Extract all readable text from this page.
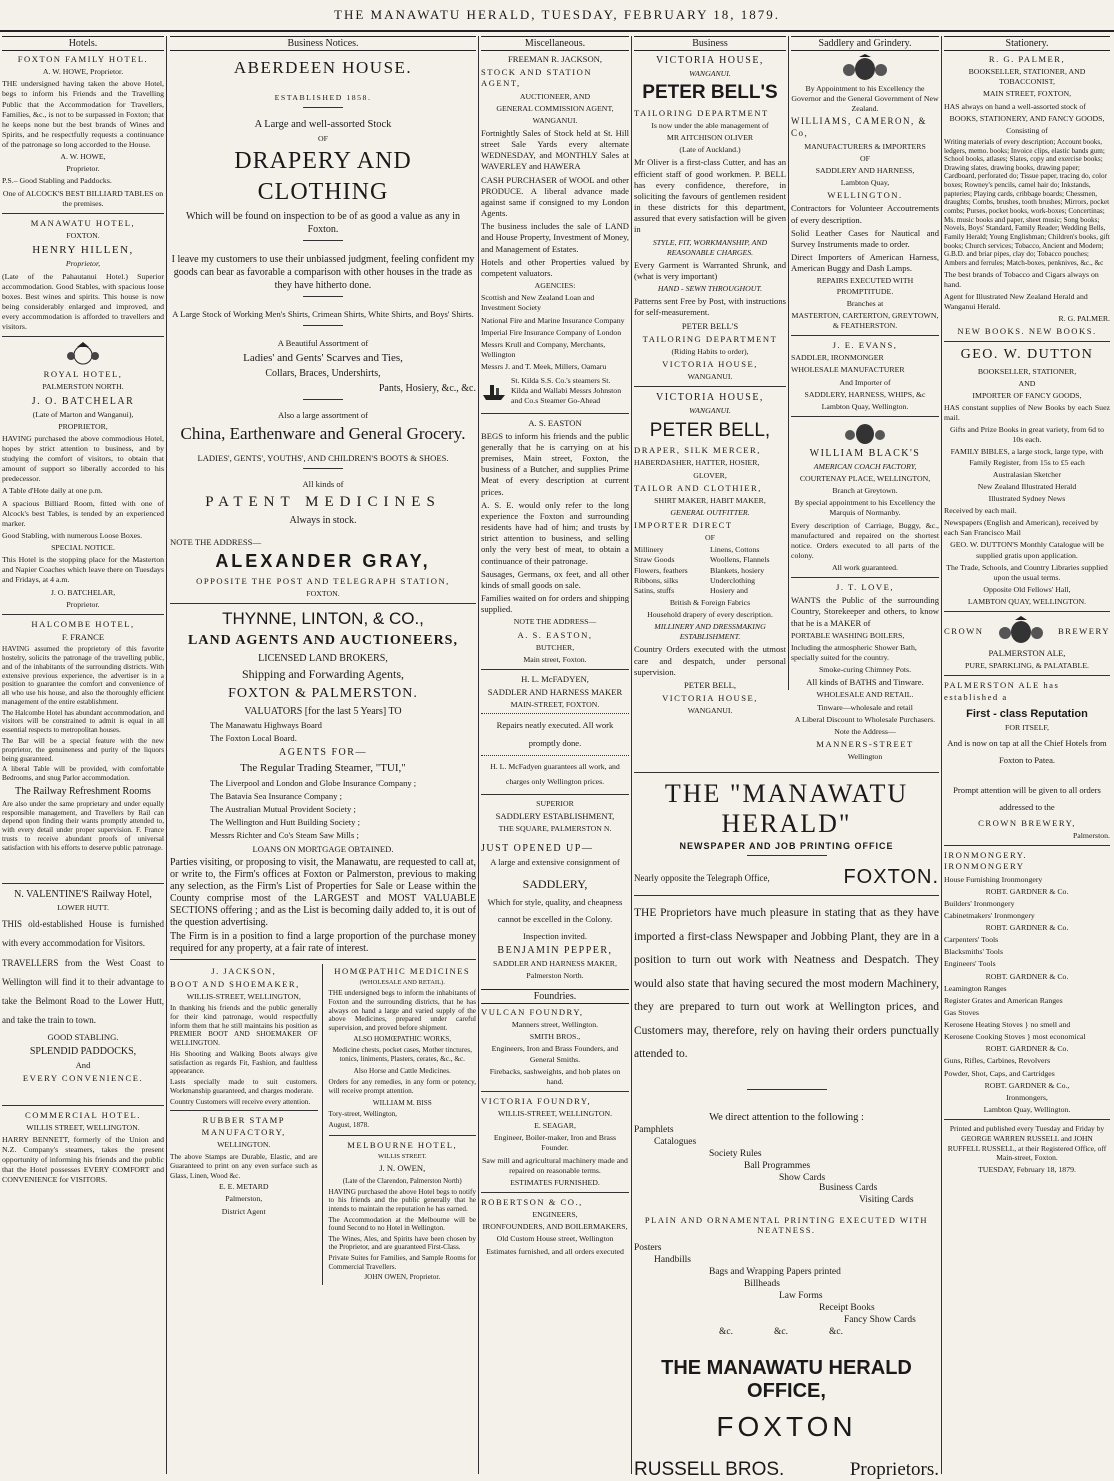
THE MANAWATU HERALD, TUESDAY, FEBRUARY 18, 1879.
Hotels.

FOXTON FAMILY HOTEL.

A. W. HOWE, Proprietor.

THE undersigned having taken the above Hotel, begs to inform his Friends and the Travelling Public that the Accommodation for Travellers, Families, &c., is not to be surpassed in Foxton; that he keeps none but the best brands of Wines and Spirits, and he respectfully requests a continuance of the patronage so long accorded to the House.

A. W. HOWE,

Proprietor.

P.S.– Good Stabling and Paddocks.

One of ALCOCK'S BEST BILLIARD TABLES on the premises.

MANAWATU HOTEL,

FOXTON.

HENRY HILLEN,

Proprietor,

(Late of the Pahautanui Hotel.) Superior accommodation. Good Stables, with spacious loose boxes. Best wines and spirits. This house is now being considerably enlarged and improved, and every accommodation is afforded to travellers and visitors.

ROYAL HOTEL,

PALMERSTON NORTH.

J. O. BATCHELAR

(Late of Marton and Wanganui),

PROPRIETOR,

HAVING purchased the above commodious Hotel, hopes by strict attention to business, and by studying the comfort of visitors, to obtain that amount of support so liberally accorded to his predecessor.

A Table d'Hote daily at one p.m.

A spacious Billiard Room, fitted with one of Alcock's best Tables, is tended by an experienced marker.

Good Stabling, with numerous Loose Boxes.

SPECIAL NOTICE.

This Hotel is the stopping place for the Masterton and Napier Coaches which leave there on Tuesdays and Fridays, at 4 a.m.

J. O. BATCHELAR,

Proprietor.

HALCOMBE HOTEL,

F. FRANCE

HAVING assumed the proprietory of this favorite hostelry, solicits the patronage of the travelling public, and of the inhabitants of the surrounding districts. With extensive previous experience, the advertiser is in a position to guarantee the comfort and convenience of all who use his house, and also the thoroughly efficient management of the entire establishment.

The Halcombe Hotel has abundant accommodation, and visitors will be constrained to admit is equal in all essential respects to metropolitan houses.

The Bar will be a special feature with the new proprietor, the genuineness and purity of the liquors being guaranteed.

A liberal Table will be provided, with comfortable Bedrooms, and snug Parlor accommodation.

The Railway Refreshment Rooms

Are also under the same proprietary and under equally responsible management, and Travellers by Rail can depend upon finding their wants promptly attended to, with every detail under proper supervision. F. France trusts to receive abundant proofs of universal satisfaction with his efforts to deserve public patronage.

N. VALENTINE'S Railway Hotel,

LOWER HUTT.

THIS old-established House is furnished with every accommodation for Visitors.

TRAVELLERS from the West Coast to Wellington will find it to their advantage to take the Belmont Road to the Lower Hutt, and take the train to town.

GOOD STABLING.

SPLENDID PADDOCKS,

And

EVERY CONVENIENCE.

COMMERCIAL HOTEL.

WILLIS STREET, WELLINGTON.

HARRY BENNETT, formerly of the Union and N.Z. Company's steamers, takes the present opportunity of informing his friends and the public that the Hotel possesses EVERY COMFORT and CONVENIENCE for VISITORS.

Business Notices.

ABERDEEN HOUSE.

ESTABLISHED 1858.

A Large and well-assorted Stock

OF

DRAPERY AND CLOTHING

Which will be found on inspection to be of as good a value as any in Foxton.

I leave my customers to use their unbiassed judgment, feeling confident my goods can bear as favorable a comparison with other houses in the trade as they have hitherto done.

A Large Stock of Working Men's Shirts, Crimean Shirts, White Shirts, and Boys' Shirts.

A Beautiful Assortment of

Ladies' and Gents' Scarves and Ties,

Collars, Braces, Undershirts,

Pants, Hosiery, &c., &c.

Also a large assortment of

China, Earthenware and General Grocery.

LADIES', GENTS', YOUTHS', AND CHILDREN'S BOOTS & SHOES.

All kinds of

PATENT MEDICINES

Always in stock.

NOTE THE ADDRESS—

ALEXANDER GRAY,

OPPOSITE THE POST AND TELEGRAPH STATION,

FOXTON.

THYNNE, LINTON, & CO.,

LAND AGENTS AND AUCTIONEERS,

LICENSED LAND BROKERS,

Shipping and Forwarding Agents,

FOXTON & PALMERSTON.

VALUATORS [for the last 5 Years] TO

The Manawatu Highways Board

The Foxton Local Board.

AGENTS FOR—

The Regular Trading Steamer, "TUI,"

The Liverpool and London and Globe Insurance Company ;

The Batavia Sea Insurance Company ;

The Australian Mutual Provident Society ;

The Wellington and Hutt Building Society ;

Messrs Richter and Co's Steam Saw Mills ;

LOANS ON MORTGAGE OBTAINED.

Parties visiting, or proposing to visit, the Manawatu, are requested to call at, or write to, the Firm's offices at Foxton or Palmerston, previous to making any selection, as the Firm's List of Properties for Sale or Lease within the County comprise most of the LARGEST and MOST VALUABLE SECTIONS offering ; and as the List is becoming daily added to, it is out of the question advertising.

The Firm is in a position to find a large proportion of the purchase money required for any property, at a fair rate of interest.

J. JACKSON,

BOOT AND SHOEMAKER,

WILLIS-STREET, WELLINGTON,

In thanking his friends and the public generally for their kind patronage, would respectfully inform them that he still maintains his position as PREMIER BOOT AND SHOEMAKER OF WELLINGTON.

His Shooting and Walking Boots always give satisfaction as regards Fit, Fashion, and faultless appearance.

Lasts specially made to suit customers. Workmanship guaranteed, and charges moderate.

Country Customers will receive every attention.

RUBBER STAMP MANUFACTORY,

WELLINGTON.

The above Stamps are Durable, Elastic, and are Guaranteed to print on any even surface such as Glass, Linen, Wood &c.

E. E. METARD

Palmerston,

District Agent

HOMŒPATHIC MEDICINES

(WHOLESALE AND RETAIL).

THE undersigned begs to inform the inhabitants of Foxton and the surrounding districts, that he has always on hand a large and varied supply of the above Medicines, prepared under careful supervision, and proved before shipment.

ALSO HOMŒPATHIC WORKS,

Medicine chests, pocket cases, Mother tinctures, tonics, liniments, Plasters, cerates, &c., &c.

Also Horse and Cattle Medicines.

Orders for any remedies, in any form or potency, will receive prompt attention.

WILLIAM M. BISS

Tory-street, Wellington,

August, 1878.

MELBOURNE HOTEL,

WILLIS STREET.

J. N. OWEN,

(Late of the Clarendon, Palmerston North)

HAVING purchased the above Hotel begs to notify to his friends and the public generally that he intends to maintain the reputation he has earned.

The Accommodation at the Melbourne will be found Second to no Hotel in Wellington.

The Wines, Ales, and Spirits have been chosen by the Proprietor, and are guaranteed First-Class.

Private Suites for Families, and Sample Rooms for Commercial Travellers.

JOHN OWEN, Proprietor.

Miscellaneous.

FREEMAN R. JACKSON,

STOCK AND STATION AGENT,

AUCTIONEER, AND

GENERAL COMMISSION AGENT,

WANGANUI.

Fortnightly Sales of Stock held at St. Hill street Sale Yards every alternate WEDNESDAY, and MONTHLY Sales at WAVERLEY and HAWERA

CASH PURCHASER of WOOL and other PRODUCE. A liberal advance made against same if consigned to my London Agents.

The business includes the sale of LAND and House Property, Investment of Money, and Management of Estates.

Hotels and other Properties valued by competent valuators.

AGENCIES:

Scottish and New Zealand Loan and Investment Society

National Fire and Marine Insurance Company

Imperial Fire Insurance Company of London

Messrs Krull and Company, Merchants, Wellington

Messrs J. and T. Meek, Millers, Oamaru

St. Kilda S.S. Co.'s steamers St. Kilda and Wallabi Messrs Johnston and Co.s Steamer Go-Ahead

A. S. EASTON

BEGS to inform his friends and the public generally that he is carrying on at his premises, Main street, Foxton, the business of a Butcher, and supplies Prime Meat of every description at current prices.

A. S. E. would only refer to the long experience the Foxton and surrounding residents have had of him; and trusts by strict attention to business, and selling only the very best of meat, to obtain a continuance of their patronage.

Sausages, Germans, ox feet, and all other kinds of small goods on sale.

Families waited on for orders and shipping supplied.

NOTE THE ADDRESS—

A. S. EASTON,

BUTCHER,

Main street, Foxton.

H. L. McFADYEN,

SADDLER AND HARNESS MAKER

MAIN-STREET, FOXTON.

Repairs neatly executed. All work promptly done.

H. L. McFadyen guarantees all work, and charges only Wellington prices.

SUPERIOR

SADDLERY ESTABLISHMENT,

THE SQUARE, PALMERSTON N.

JUST OPENED UP—

A large and extensive consignment of

SADDLERY,

Which for style, quality, and cheapness cannot be excelled in the Colony.

Inspection invited.

BENJAMIN PEPPER,

SADDLER AND HARNESS MAKER,

Palmerston North.

Foundries.

VULCAN FOUNDRY,

Manners street, Wellington.

SMITH BROS.,

Engineers, Iron and Brass Founders, and General Smiths.

Firebacks, sashweights, and hob plates on hand.

VICTORIA FOUNDRY,

WILLIS-STREET, WELLINGTON.

E. SEAGAR,

Engineer, Boiler-maker, Iron and Brass Founder.

Saw mill and agricultural machinery made and repaired on reasonable terms.

ESTIMATES FURNISHED.

ROBERTSON & CO.,

ENGINEERS,

IRONFOUNDERS, AND BOILERMAKERS,

Old Custom House street, Wellington

Estimates furnished, and all orders executed

Business

VICTORIA HOUSE,

WANGANUI.

PETER BELL'S

TAILORING DEPARTMENT

Is now under the able management of

MR AITCHISON OLIVER

(Late of Auckland.)

Mr Oliver is a first-class Cutter, and has an efficient staff of good workmen. P. BELL has every confidence, therefore, in soliciting the favours of gentlemen resident in these districts for this department, assured that every satisfaction will be given in

STYLE, FIT, WORKMANSHIP, AND REASONABLE CHARGES.

Every Garment is Warranted Shrunk, and (what is very important)

HAND - SEWN THROUGHOUT.

Patterns sent Free by Post, with instructions for self-measurement.

PETER BELL'S

TAILORING DEPARTMENT

(Riding Habits to order),

VICTORIA HOUSE,

WANGANUI.

VICTORIA HOUSE,

WANGANUI.

PETER BELL,

DRAPER, SILK MERCER,

HABERDASHER, HATTER, HOSIER,

GLOVER,

TAILOR AND CLOTHIER,

SHIRT MAKER, HABIT MAKER,

GENERAL OUTFITTER.

IMPORTER DIRECT

OF

Millinery	Linens, Cottons
Straw Goods	Woollens, Flannels
Flowers, feathers	Blankets, hosiery
Ribbons, silks	Underclothing
Satins, stuffs	Hosiery and

British & Foreign Fabrics

Household drapery of every description.

MILLINERY AND DRESSMAKING ESTABLISHMENT.

Country Orders executed with the utmost care and despatch, under personal supervision.

PETER BELL,

VICTORIA HOUSE,

WANGANUI.

Saddlery and Grindery.

By Appointment to his Excellency the Governor and the General Government of New Zealand.

WILLIAMS, CAMERON, & Co,

MANUFACTURERS & IMPORTERS

OF

SADDLERY AND HARNESS,

Lambton Quay,

WELLINGTON.

Contractors for Volunteer Accoutrements of every description.

Solid Leather Cases for Nautical and Survey Instruments made to order.

Direct Importers of American Harness, American Buggy and Dash Lamps.

REPAIRS EXECUTED WITH PROMPTITUDE.

Branches at

MASTERTON, CARTERTON, GREYTOWN, & FEATHERSTON.

J. E. EVANS,

SADDLER, IRONMONGER

WHOLESALE MANUFACTURER

And Importer of

SADDLERY, HARNESS, WHIPS, &c

Lambton Quay, Wellington.

WILLIAM BLACK'S

AMERICAN COACH FACTORY,

COURTENAY PLACE, WELLINGTON,

Branch at Greytown.

By special appointment to his Excellency the Marquis of Normanby.

Every description of Carriage, Buggy, &c., manufactured and repaired on the shortest notice. Orders executed to all parts of the colony.

All work guaranteed.

J. T. LOVE,

WANTS the Public of the surrounding Country, Storekeeper and others, to know that he is a MAKER of

PORTABLE WASHING BOILERS,

Including the atmospheric Shower Bath, specially suited for the country.

Smoke-curing Chimney Pots.

All kinds of BATHS and Tinware.

WHOLESALE AND RETAIL.

Tinware—wholesale and retail

A Liberal Discount to Wholesale Purchasers.

Note the Address—

MANNERS-STREET

Wellington

THE "MANAWATU HERALD"

NEWSPAPER AND JOB PRINTING OFFICE

Nearly opposite the Telegraph Office,	FOXTON.

THE Proprietors have much pleasure in stating that as they have imported a first-class Newspaper and Jobbing Plant, they are in a position to turn out work with Neatness and Despatch. They would also state that having secured the most modern Machinery, they are prepared to turn out work at Wellington prices, and Customers may, therefore, rely on having their orders punctually attended to.

We direct attention to the following :

Pamphlets
Catalogues
Society Rules
Ball Programmes
Show Cards
Business Cards
Visiting Cards

PLAIN AND ORNAMENTAL PRINTING EXECUTED WITH NEATNESS.

Posters
Handbills
Bags and Wrapping Papers printed
Billheads
Law Forms
Receipt Books
Fancy Show Cards
&c.	&c.	&c.

THE MANAWATU HERALD OFFICE,

FOXTON

RUSSELL BROS.	Proprietors.
Stationery.

R. G. PALMER,

BOOKSELLER, STATIONER, AND TOBACCONIST,

MAIN STREET, FOXTON,

HAS always on hand a well-assorted stock of

BOOKS, STATIONERY, AND FANCY GOODS,

Consisting of

Writing materials of every description; Account books, ledgers, memo. books; Invoice clips, elastic bands gum; School books, atlases; Slates, copy and exercise books; Drawing slates, drawing books, drawing paper; Cardboard, perforated do; Tissue paper, tracing do, color boxes; Rowney's pencils, camel hair do; Inkstands, papteries; Playing cards, cribbage boards; Chessmen, draughts; Combs, brushes, tooth brushes; Mirrors, pocket combs; Purses, pocket books, work-boxes; Concertinas; Ms. music books and paper, sheet music; Song books; Novels, Boys' Standard, Family Reader; Wedding Bells, Family Herald; Young Englishman; Children's books, gift books; Church services; Tobacco, Ancient and Modern; G.B.D. and briar pipes, clay do; Tobacco pouches; Ambers and ferrules; Match-boxes, penknives, &c., &c

The best brands of Tobacco and Cigars always on hand.

Agent for Illustrated New Zealand Herald and Wanganui Herald.

R. G. PALMER.

NEW BOOKS. NEW BOOKS.

GEO. W. DUTTON

BOOKSELLER, STATIONER,

AND

IMPORTER OF FANCY GOODS,

HAS constant supplies of New Books by each Suez mail.

Gifts and Prize Books in great variety, from 6d to 10s each.

FAMILY BIBLES, a large stock, large type, with Family Register, from 15s to £5 each

Australasian Sketcher

New Zealand Illustrated Herald

Illustrated Sydney News

Received by each mail.

Newspapers (English and American), received by each San Francisco Mail

GEO. W. DUTTON'S Monthly Catalogue will be supplied gratis upon application.

The Trade, Schools, and Country Libraries supplied upon the usual terms.

Opposite Old Fellows' Hall,

LAMBTON QUAY, WELLINGTON.

CROWN	BREWERY

PALMERSTON ALE,

PURE, SPARKLING, & PALATABLE.

PALMERSTON ALE has established a

First - class Reputation

FOR ITSELF,

And is now on tap at all the Chief Hotels from Foxton to Patea.

Prompt attention will be given to all orders addressed to the

CROWN BREWERY,

Palmerston.

IRONMONGERY. IRONMONGERY

House Furnishing Ironmongery

ROBT. GARDNER & Co.

Builders' Ironmongery

Cabinetmakers' Ironmongery

ROBT. GARDNER & Co.

Carpenters' Tools

Blacksmiths' Tools

Engineers' Tools

ROBT. GARDNER & Co.

Leamington Ranges

Register Grates and American Ranges

Gas Stoves

Kerosene Heating Stoves } no smell and

Kerosene Cooking Stoves } most economical

ROBT. GARDNER & Co.

Guns, Rifles, Carbines, Revolvers

Powder, Shot, Caps, and Cartridges

ROBT. GARDNER & Co.,

Ironmongers,

Lambton Quay, Wellington.

Printed and published every Tuesday and Friday by GEORGE WARREN RUSSELL and JOHN RUFFELL RUSSELL, at their Registered Office, off Main-street, Foxton.

TUESDAY, February 18, 1879.
